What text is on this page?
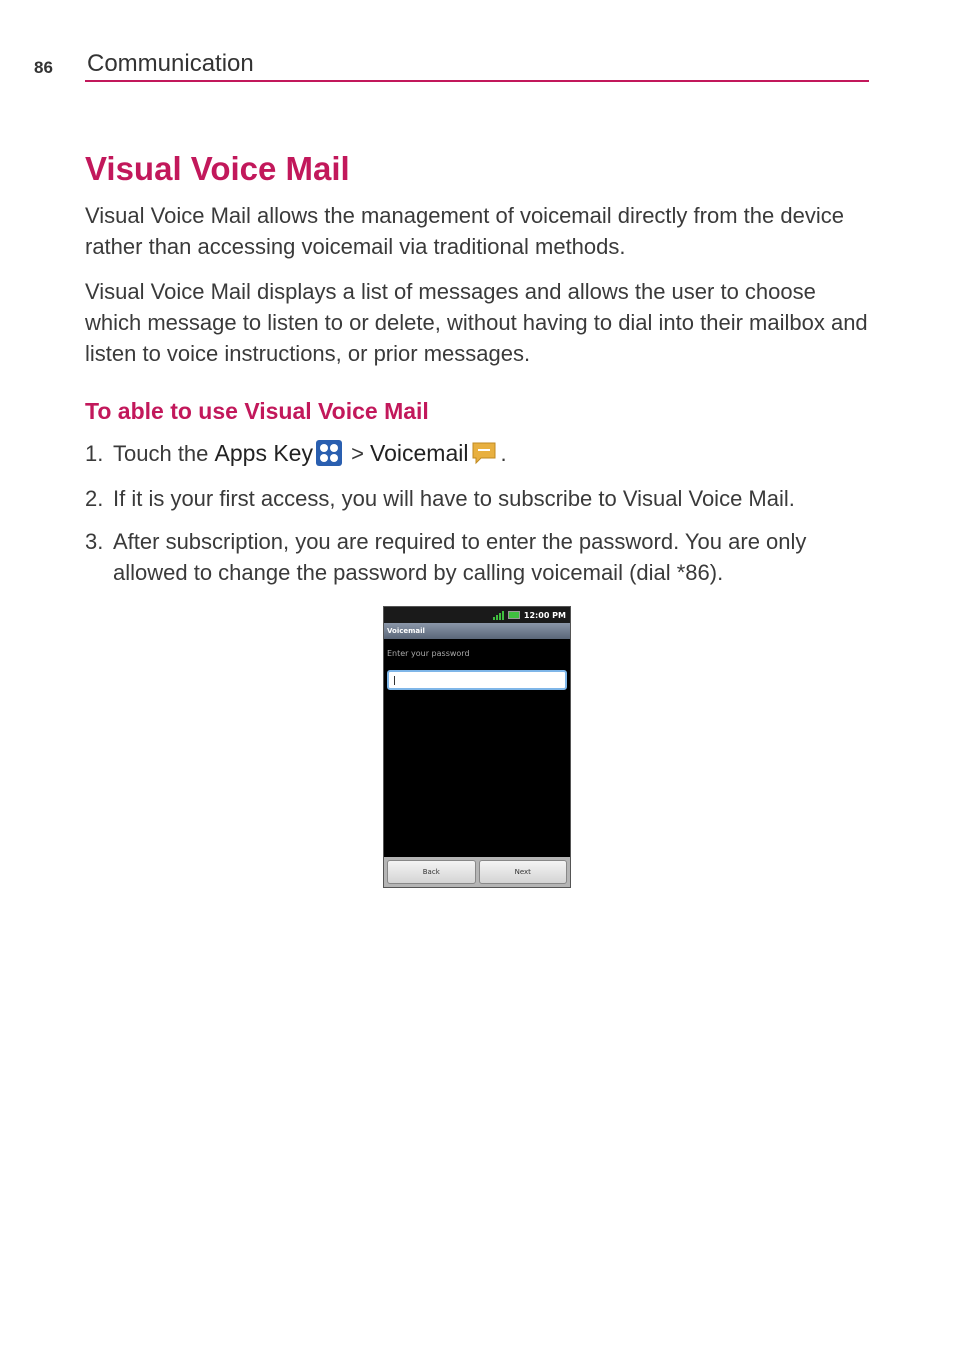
86 Communication
Visual Voice Mail

Visual Voice Mail allows the management of voicemail directly from the device rather than accessing voicemail via traditional methods.

Visual Voice Mail displays a list of messages and allows the user to choose which message to listen to or delete, without having to dial into their mailbox and listen to voice instructions, or prior messages.

To able to use Visual Voice Mail
1. Touch the Apps Key > Voicemail .
2. If it is your first access, you will have to subscribe to Visual Voice Mail.
3. After subscription, you are required to enter the password. You are only allowed to change the password by calling voicemail (dial *86).
12:00 PM
Voicemail
Enter your password
Back	Next
